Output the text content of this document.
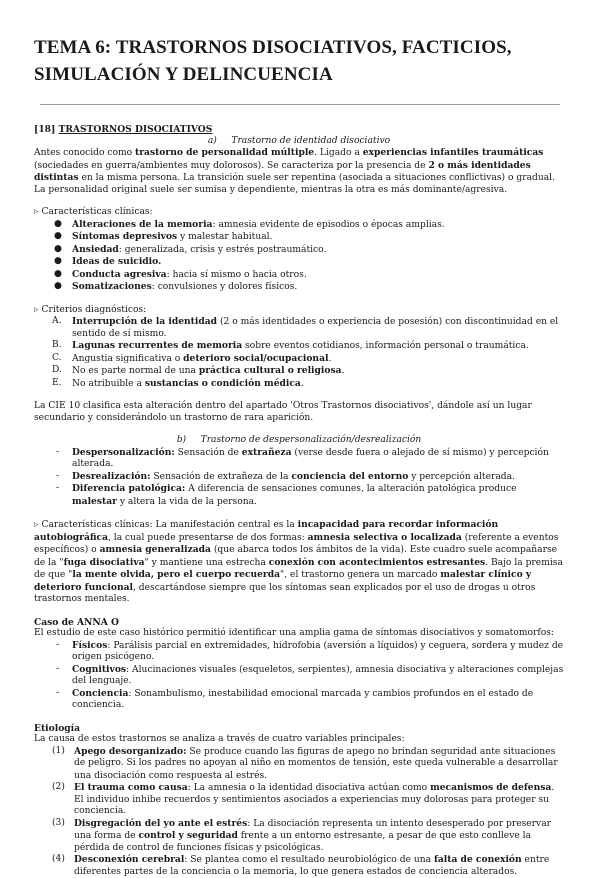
TEMA 6: TRASTORNOS DISOCIATIVOS, FACTICIOS,
SIMULACIÓN Y DELINCUENCIA

[18] TRASTORNOS DISOCIATIVOS

a) Trastorno de identidad disociativo

Antes conocido como trastorno de personalidad múltiple. Ligado a experiencias infantiles traumáticas (sociedades en guerra/ambientes muy dolorosos). Se caracteriza por la presencia de 2 o más identidades distintas en la misma persona. La transición suele ser repentina (asociada a situaciones conflictivas) o gradual. La personalidad original suele ser sumisa y dependiente, mientras la otra es más dominante/agresiva.

▹ Características clínicas:

● Alteraciones de la memoria: amnesia evidente de episodios o épocas amplias.
● Síntomas depresivos y malestar habitual.
● Ansiedad: generalizada, crisis y estrés postraumático.
● Ideas de suicidio.
● Conducta agresiva: hacia sí mismo o hacia otros.
● Somatizaciones: convulsiones y dolores físicos.

▹ Criterios diagnósticos:

A. Interrupción de la identidad (2 o más identidades o experiencia de posesión) con discontinuidad en el sentido de sí mismo.
B. Lagunas recurrentes de memoria sobre eventos cotidianos, información personal o traumática.
C. Angustia significativa o deterioro social/ocupacional.
D. No es parte normal de una práctica cultural o religiosa.
E. No atribuible a sustancias o condición médica.

La CIE 10 clasifica esta alteración dentro del apartado 'Otros Trastornos disociativos', dándole así un lugar secundario y considerándolo un trastorno de rara aparición.

b) Trastorno de despersonalización/desrealización

- Despersonalización: Sensación de extrañeza (verse desde fuera o alejado de sí mismo) y percepción alterada.
- Desrealización: Sensación de extrañeza de la conciencia del entorno y percepción alterada.
- Diferencia patológica: A diferencia de sensaciones comunes, la alteración patológica produce malestar y altera la vida de la persona.

▹ Características clínicas: La manifestación central es la incapacidad para recordar información autobiográfica, la cual puede presentarse de dos formas: amnesia selectiva o localizada (referente a eventos específicos) o amnesia generalizada (que abarca todos los ámbitos de la vida). Este cuadro suele acompañarse de la "fuga disociativa" y mantiene una estrecha conexión con acontecimientos estresantes. Bajo la premisa de que "la mente olvida, pero el cuerpo recuerda", el trastorno genera un marcado malestar clínico y deterioro funcional, descartándose siempre que los síntomas sean explicados por el uso de drogas u otros trastornos mentales.

Caso de ANNA O

El estudio de este caso histórico permitió identificar una amplia gama de síntomas disociativos y somatomorfos:

- Físicos: Parálisis parcial en extremidades, hidrofobia (aversión a líquidos) y ceguera, sordera y mudez de origen psicógeno.
- Cognitivos: Alucinaciones visuales (esqueletos, serpientes), amnesia disociativa y alteraciones complejas del lenguaje.
- Conciencia: Sonambulismo, inestabilidad emocional marcada y cambios profundos en el estado de conciencia.

Etiología

La causa de estos trastornos se analiza a través de cuatro variables principales:

(1) Apego desorganizado: Se produce cuando las figuras de apego no brindan seguridad ante situaciones de peligro. Si los padres no apoyan al niño en momentos de tensión, este queda vulnerable a desarrollar una disociación como respuesta al estrés.
(2) El trauma como causa: La amnesia o la identidad disociativa actúan como mecanismos de defensa. El individuo inhibe recuerdos y sentimientos asociados a experiencias muy dolorosas para proteger su conciencia.
(3) Disgregación del yo ante el estrés: La disociación representa un intento desesperado por preservar una forma de control y seguridad frente a un entorno estresante, a pesar de que esto conlleve la pérdida de control de funciones físicas y psicológicas.
(4) Desconexión cerebral: Se plantea como el resultado neurobiológico de una falta de conexión entre diferentes partes de la conciencia o la memoria, lo que genera estados de conciencia alterados.
